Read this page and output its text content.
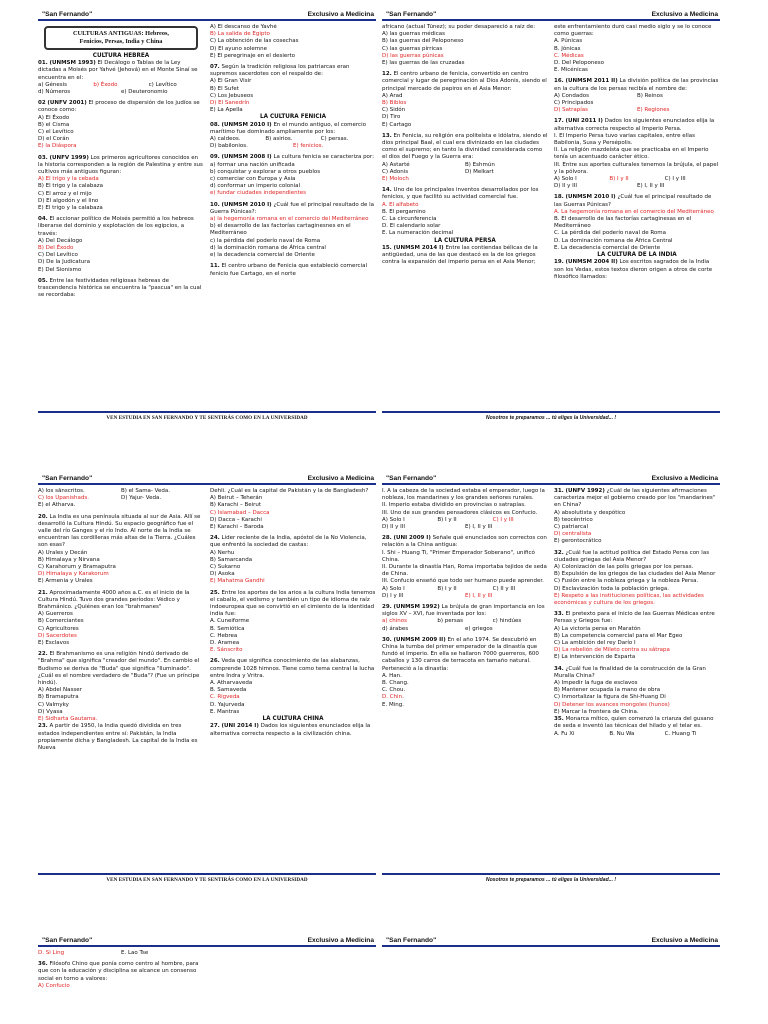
"San Fernando"	Exclusivo a Medicina
CULTURAS ANTIGUAS: Hebreos,
Fenicios, Persas, India y China

CULTURA HEBREA

01. (UNMSM 1993) El Decálogo o Tablas de la Ley dictadas a Moisés por Yahvé (Jehová) en el Monte Sinaí se encuentra en el:

a) Génesis	b) Éxodo	c) Levítico
d) Números	e) Deuteronomio

02 (UNFV 2001) El proceso de dispersión de los judíos se conoce como:

A) El Éxodo

B) el Cisma

C) el Levítico

D) el Corán

E) la Diáspora

03. (UNFV 1999) Los primeros agricultores conocidos en la historia corresponden a la región de Palestina y entre sus cultivos más antiguos figuran:

A) El trigo y la cebada

B) El trigo y la calabaza

C) El arroz y el mijo

D) El algodón y el lino

E) El trigo y la calabaza

04. El accionar político de Moisés permitió a los hebreos liberarse del dominio y explotación de los egipcios, a través:

A) Del Decálogo

B) Del Éxodo

C) Del Levítico

D) De la Judicatura

E) Del Sionismo

05. Entre las festividades religiosas hebreas de trascendencia histórica se encuentra la "pascua" en la cual se recordaba:

A) El descanso de Yavhé

B) La salida de Egipto

C) La obtención de las cosechas

D) El ayuno solemne

E) El peregrinaje en el desierto

07. Según la tradición religiosa los patriarcas eran supremos sacerdotes con el respaldo de:

A) El Gran Visir

B) El Sufet

C) Los Jebuseos

D) El Sanedrín

E) La Apella

LA CULTURA FENICIA

08. (UNMSM 2010 I) En el mundo antiguo, el comercio marítimo fue dominado ampliamente por los:

A) caldeos.	B) asirios.	C) persas.
D) babilonios.	E) fenicios.

09. (UNMSM 2008 I) La cultura fenicia se caracteriza por:

a) formar una nación unificada

b) conquistar y explorar a otros pueblos

c) comerciar con Europa y Asia

d) conformar un imperio colonial

e) fundar ciudades independientes

10. (UNMSM 2010 I) ¿Cuál fue el principal resultado de la Guerra Púnicas?:

a) la hegemonía romana en el comercio del Mediterráneo

b) el desarrollo de las factorías cartaginesnes en el Mediterráneo

c) la pérdida del poderío naval de Roma

d) la dominación romana de África central

e) la decadencia comercial de Oriente

11. El centro urbano de Fenicia que estableció comercial fenicio fue Cartago, en el norte

VEN ESTUDIA EN SAN FERNANDO Y TE SENTIRÁS COMO EN LA UNIVERSIDAD
"San Fernando"	Exclusivo a Medicina

africano (actual Túnez); su poder desapareció a raíz de:

A) las guerras médicas

B) las guerras del Peloponeso

C) las guerras pírricas

D) las guerras púnicas

E) las guerras de las cruzadas

12. El centro urbano de fenicia, convertido en centro comercial y lugar de peregrinación al Dios Adonis, siendo el principal mercado de papiros en el Asia Menor:

A) Arad

B) Biblos

C) Sidón

D) Tiro

E) Cartago

13. En Fenicia, su religión era politeísta e idólatra, siendo el dios principal Baal, el cual era divinizado en las ciudades como el supremo; en tanto la divinidad considerada como el dios del Fuego y la Guerra era:

A) Astarté	B) Eshmún
C) Adonis	D) Melkart

E) Moloch

14. Uno de los principales inventos desarrollados por los fenicios, y que facilitó su actividad comercial fue.

A. El alfabeto

B. El pergamino

C. La circunferencia

D. El calendario solar

E. La numeración decimal

LA CULTURA PERSA

15. (UNMSM 2014 I) Entre las contiendas bélicas de la antigüedad, una de las que destacó es la de los griegos contra la expansión del imperio persa en el Asia Menor;

este enfrentamiento duró casi medio siglo y se lo conoce como guerras:

A. Púnicas

B. Jónicas

C. Médicas

D. Del Peloponeso

E. Micénicas

16. (UNMSM 2011 II) La división política de las provincias en la cultura de los persas recibía el nombre de:

A) Condados	B) Reinos

C) Principados

D) Satrapías	E) Regiones

17. (UNI 2011 I) Dados los siguientes enunciados elija la alternativa correcta respecto al Imperio Persa.

I. El Imperio Persa tuvo varias capitales, entre ellas Babilonia, Susa y Persépolis.

II. La religión mazdeísta que se practicaba en el Imperio tenía un acentuado carácter ético.

III. Entre sus aportes culturales tenemos la brújula, el papel y la pólvora.

A) Solo I	B) I y II	C) I y III
D) II y III	E) I, II y III

18. (UNMSM 2010 I) ¿Cuál fue el principal resultado de las Guerras Púnicas?

A. La hegemonía romana en el comercio del Mediterráneo

B. El desarrollo de las factorías cartaginesas en el Mediterráneo

C. La pérdida del poderío naval de Roma

D. La dominación romana de África Central

E. La decadencia comercial de Oriente

LA CULTURA DE LA INDIA

19. (UNMSM 2004 II) Los escritos sagrados de la India son los Vedas, estos textos dieron origen a otros de corte filosófico llamados:

Nosotros te preparamos ... tú eliges la Universidad... !
"San Fernando"	Exclusivo a Medicina
A) los sânscritos.	B) el Sama- Veda.
C) los Upanishads.	D) Yajur- Veda.

E) el Atharva.

20. La India es una península situada al sur de Asia. Allí se desarrolló la Cultura Hindú. Su espacio geográfico fue el valle del río Ganges y el río Indo. Al norte de la India se encuentran las cordilleras más altas de la Tierra. ¿Cuáles son esas?

A) Urales y Decán

B) Himalaya y Nirvana

C) Karahorum y Bramaputra

D) Himalaya y Karakorum

E) Armenia y Urales

21. Aproximadamente 4000 años a.C. es el inicio de la Cultura Hindú. Tuvo dos grandes períodos: Védico y Brahmánico. ¿Quiénes eran los "brahmanes"

A) Guerreros

B) Comerciantes

C) Agricultores

D) Sacerdotes

E) Esclavos

22. El Brahmanismo es una religión hindú derivado de "Brahma" que significa "creador del mundo". En cambio el Budismo se deriva de "Buda" que significa "Iluminado". ¿Cuál es el nombre verdadero de "Buda"? (Fue un príncipe hindú).

A) Abdel Nasser

B) Bramaputra

C) Valmyky

D) Vyasa

E) Sidharta Gautama.

23. A partir de 1950, la India quedó dividida en tres estados independientes entre sí: Pakistán, la India propiamente dicha y Bangladesh. La capital de la India es Nueva

Dehli. ¿Cuál es la capital de Pakistán y la de Bangladesh?

A) Beirut – Teherán

B) Karachi – Beirut

C) Islamabad – Dacca

D) Dacca – Karachi

E) Karachi – Baroda

24. Líder reciente de la India, apóstol de la No Violencia, que enfrentó la sociedad de castas:

A) Nerhu

B) Samarcanda

C) Sukarno

D) Asoka

E) Mahatma Gandhi

25. Entre los aportes de los arios a la cultura India tenemos el caballo, el vedismo y también un tipo de idioma de raíz indoeuropea que se convirtió en el cimiento de la identidad india fue:

A. Cuneiforme

B. Semiótica

C. Hebrea

D. Aramea

E. Sánscrito

26. Veda que significa conocimiento de las alabanzas, comprende 1028 himnos. Tiene como tema central la lucha entre Indra y Vritra.

A. Atharvaveda

B. Samaveda

C. Rigveda

D. Yajurveda

E. Mantras

LA CULTURA CHINA

27. (UNI 2014 I) Dados los siguientes enunciados elija la alternativa correcta respecto a la civilización china.

VEN ESTUDIA EN SAN FERNANDO Y TE SENTIRÁS COMO EN LA UNIVERSIDAD
"San Fernando"	Exclusivo a Medicina

I. A la cabeza de la sociedad estaba el emperador, luego la nobleza, los mandarines y los grandes señores rurales.

II. Imperio estaba dividido en provincias o satrapías.

III. Uno de sus grandes pensadores clásicos es Confucio.

A) Solo I	B) I y II	C) I y III
D) II y III	E) I, II y III

28. (UNI 2009 I) Señale qué enunciados son correctos con relación a la China antigua:

I. Shi – Huang Ti, "Primer Emperador Soberano", unificó China.

II. Durante la dinastía Han, Roma importaba tejidos de seda de China.

III. Confucio enseñó que todo ser humano puede aprender.

A) Solo I	B) I y II	C) II y III
D) I y III	E) I, II y III

29. (UNMSM 1992) La brújula de gran importancia en los siglos XV – XVI, fue inventada por los:

a) chinos	b) persas	c) hindúes
d) árabes	e) griegos

30. (UNMSM 2009 II) En el año 1974. Se descubrió en China la tumba del primer emperador de la dinastía que fundó el imperio. En ella se hallaron 7000 guerreros, 600 caballos y 130 carros de terracota en tamaño natural. Perteneció a la dinastía:

A. Han.

B. Chang.

C. Chou.

D. Chin.

E. Ming.

31. (UNFV 1992) ¿Cuál de las siguientes afirmaciones caracteriza mejor el gobierno creado por los "mandarines" en China?

A) absolutista y despótico

B) teocéntrico

C) patriarcal

D) centralista

E) gerontocrático

32. ¿Cuál fue la actitud política del Estado Persa con las ciudades griegas del Asia Menor?

A) Colonización de las polis griegas por los persas.

B) Expulsión de los griegos de las ciudades del Asia Menor

C) Fusión entre la nobleza griega y la nobleza Persa.

D) Esclavización toda la población griega.

E) Respeto a las instituciones políticas, las actividades económicas y cultura de los griegos.

33. El pretexto para el inicio de las Guerras Médicas entre Persas y Griegos fue:

A) La victoria persa en Maratón

B) La competencia comercial para el Mar Egeo

C) La ambición del rey Darío I

D) La rebelión de Mileto contra su sátrapa

E) La intervención de Esparta

34. ¿Cuál fue la finalidad de la construcción de la Gran Muralla China?

A) Impedir la fuga de esclavos

B) Mantener ocupada la mano de obra

C) Inmortalizar la figura de Shi-Huang Di

D) Detener los avances mongoles (hunos)

E) Marcar la frontera de China.

35. Monarca mítico, quien comenzó la crianza del gusano de seda e inventó las técnicas del hilado y el telar es.

A. Fu Xi	B. Nu Wa	C. Huang Ti
Nosotros te preparamos ... tú eliges la Universidad... !
"San Fernando"	Exclusivo a Medicina
D. Si Ling	E. Lao Tse

36. Filósofo Chino que ponía como centro al hombre, para que con la educación y disciplina se alcance un consenso social en torno a valores:

A) Confucio

"San Fernando"	Exclusivo a Medicina
